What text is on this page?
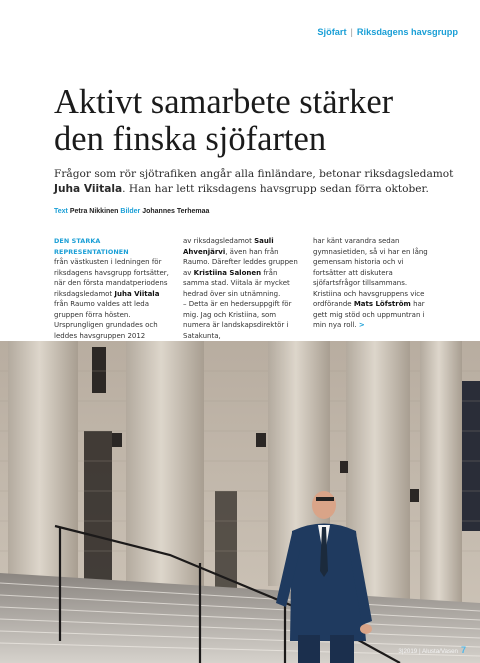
Sjöfart | Riksdagens havsgrupp
Aktivt samarbete stärker
den finska sjöfarten
Frågor som rör sjötrafiken angår alla finländare, betonar riksdagsledamot Juha Viitala. Han har lett riksdagens havsgrupp sedan förra oktober.
Text Petra Nikkinen Bilder Johannes Terhemaa
DEN STARKA REPRESENTATIONEN
från västkusten i ledningen för riksdagens havsgrupp fortsätter, när den första mandatperiodens riksdagsledamot Juha Viitala från Raumo valdes att leda gruppen förra hösten. Ursprungligen grundades och leddes havsgruppen 2012
av riksdagsledamot Sauli Ahvenjärvi, även han från Raumo. Därefter leddes gruppen av Kristiina Salonen från samma stad. Viitala är mycket hedrad över sin utnämning.
– Detta är en hedersuppgift för mig. Jag och Kristiina, som numera är landskapsdirektör i Satakunta,
har känt varandra sedan gymnasietiden, så vi har en lång gemensam historia och vi fortsätter att diskutera sjöfartsfrågor tillsammans. Kristiina och havsgruppens vice ordförande Mats Löfström har gett mig stöd och uppmuntran i min nya roll. >
3|2019 | Alusta/Vasen 7
